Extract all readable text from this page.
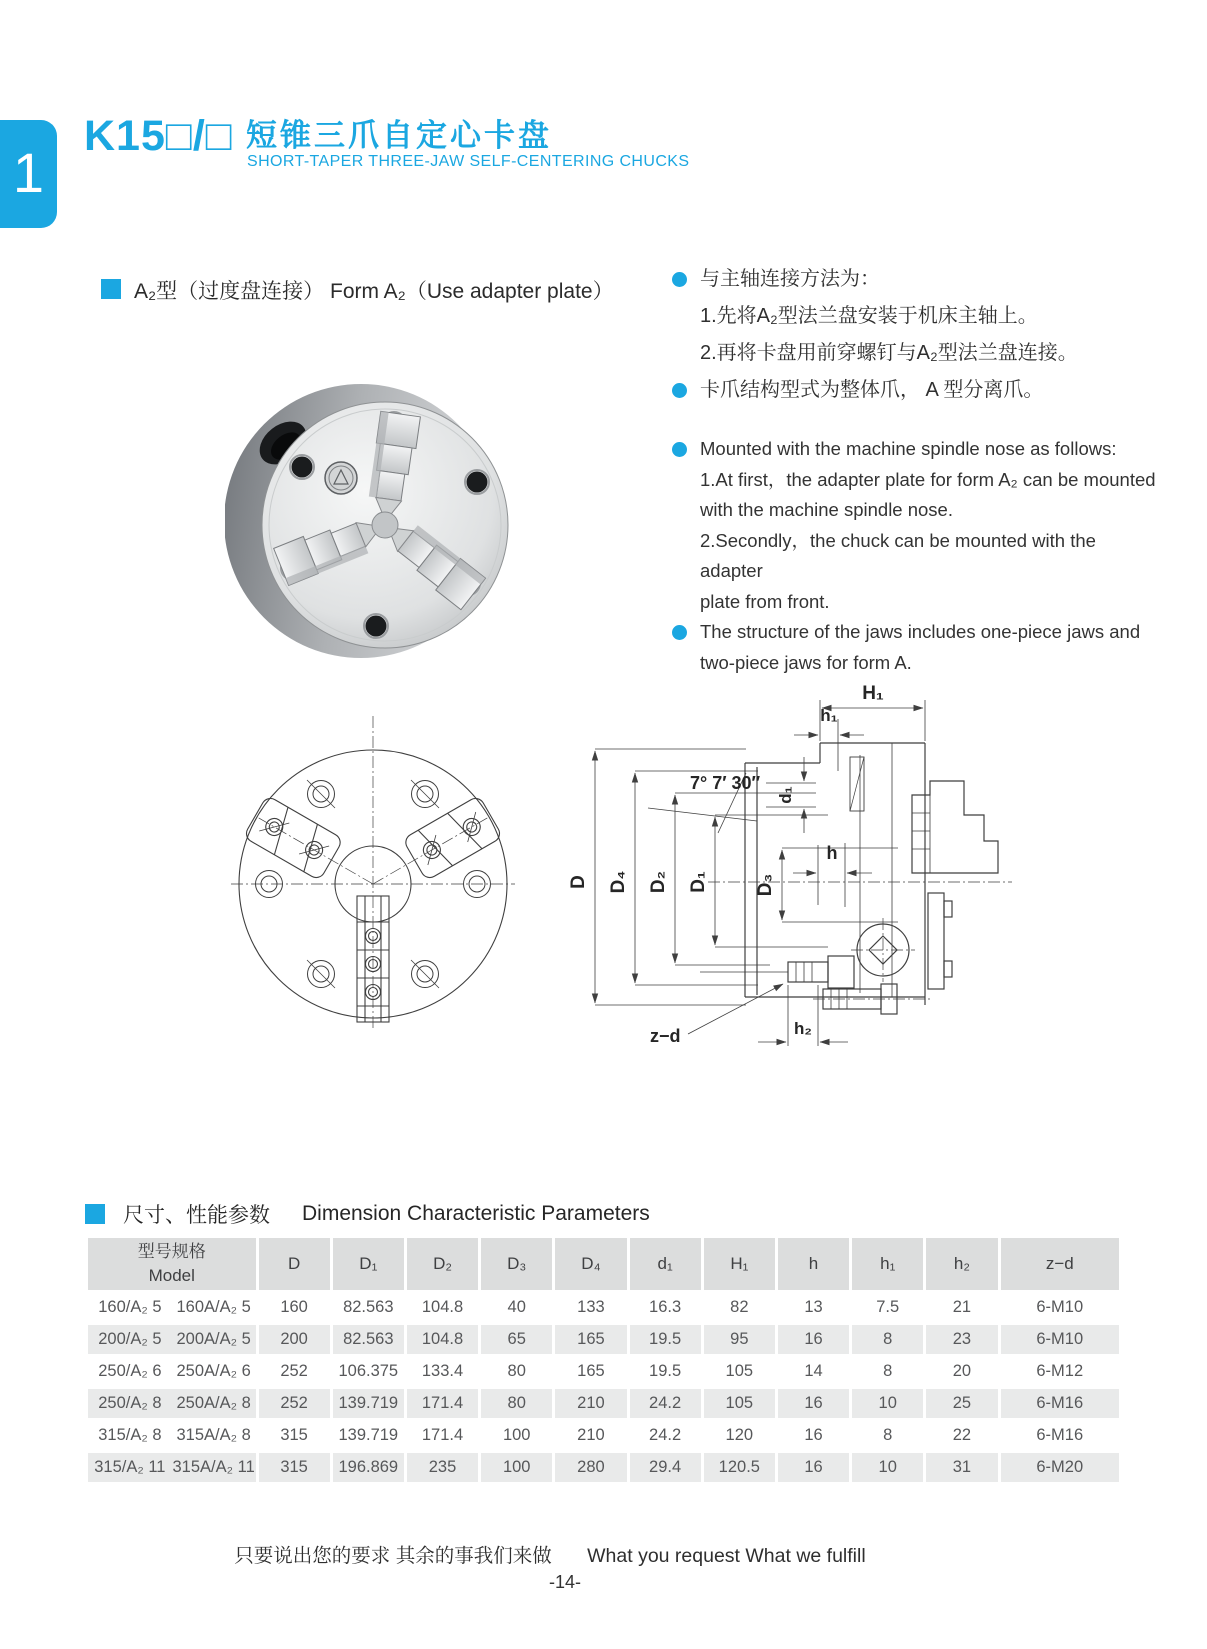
1
K15□/□ 短锥三爪自定心卡盘
SHORT-TAPER THREE-JAW SELF-CENTERING CHUCKS
A₂型（过度盘连接） Form A₂（Use adapter plate）
与主轴连接方法为：
1.先将A₂型法兰盘安装于机床主轴上。
2.再将卡盘用前穿螺钉与A₂型法兰盘连接。
卡爪结构型式为整体爪， A 型分离爪。
Mounted with the machine spindle nose as follows:
1.At first，the adapter plate for form A₂ can be mounted
with the machine spindle nose.
2.Secondly，the chuck can be mounted with the adapter
plate from front.
The structure of the jaws includes one-piece jaws and
two-piece jaws for form A.
H₁
h₁
7° 7′ 30″
d₁
D D₄ D₂ D₁ D₃
h
z−d	h₂
尺寸、性能参数 Dimension Characteristic Parameters
型号规格
Model	D	D₁	D₂	D₃	D₄	d₁	H₁	h	h₁	h₂	z−d
160/A₂ 5 160A/A₂ 5	160	82.563	104.8	40	133	16.3	82	13	7.5	21	6-M10
200/A₂ 5 200A/A₂ 5	200	82.563	104.8	65	165	19.5	95	16	8	23	6-M10
250/A₂ 6 250A/A₂ 6	252	106.375	133.4	80	165	19.5	105	14	8	20	6-M12
250/A₂ 8 250A/A₂ 8	252	139.719	171.4	80	210	24.2	105	16	10	25	6-M16
315/A₂ 8 315A/A₂ 8	315	139.719	171.4	100	210	24.2	120	16	8	22	6-M16
315/A₂ 11 315A/A₂ 11	315	196.869	235	100	280	29.4	120.5	16	10	31	6-M20
只要说出您的要求 其余的事我们来做 What you request What we fulfill
-14-
